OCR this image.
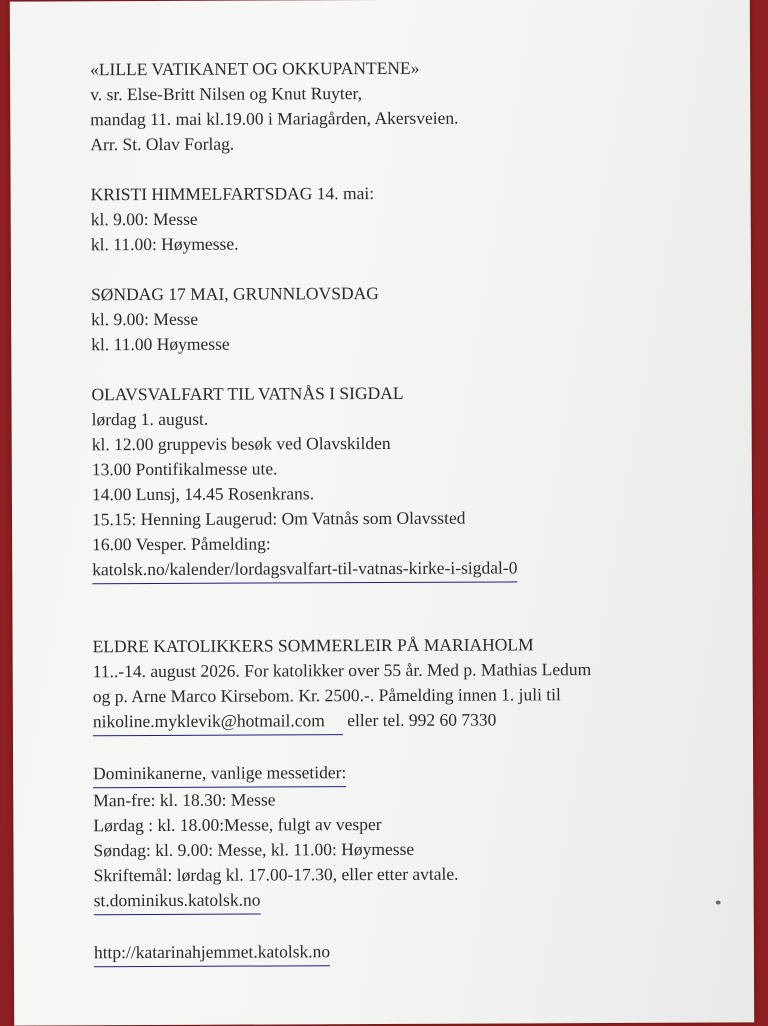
«LILLE VATIKANET OG OKKUPANTENE»
v. sr. Else-Britt Nilsen og Knut Ruyter,
mandag 11. mai kl.19.00 i Mariagården, Akersveien.
Arr. St. Olav Forlag.
KRISTI HIMMELFARTSDAG 14. mai:
kl. 9.00: Messe
kl. 11.00: Høymesse.
SØNDAG 17 MAI, GRUNNLOVSDAG
kl. 9.00: Messe
kl. 11.00 Høymesse
OLAVSVALFART TIL VATNÅS I SIGDAL
lørdag 1. august.
kl. 12.00 gruppevis besøk ved Olavskilden
13.00 Pontifikalmesse ute.
14.00 Lunsj, 14.45 Rosenkrans.
15.15: Henning Laugerud: Om Vatnås som Olavssted
16.00 Vesper. Påmelding:
katolsk.no/kalender/lordagsvalfart-til-vatnas-kirke-i-sigdal-0
ELDRE KATOLIKKERS SOMMERLEIR PÅ MARIAHOLM
11..-14. august 2026. For katolikker over 55 år. Med p. Mathias Ledum
og p. Arne Marco Kirsebom. Kr. 2500.-. Påmelding innen 1. juli til
nikoline.myklevik@hotmail.com eller tel. 992 60 7330
Dominikanerne, vanlige messetider:
Man-fre: kl. 18.30: Messe
Lørdag : kl. 18.00:Messe, fulgt av vesper
Søndag: kl. 9.00: Messe, kl. 11.00: Høymesse
Skriftemål: lørdag kl. 17.00-17.30, eller etter avtale.
st.dominikus.katolsk.no
http://katarinahjemmet.katolsk.no
